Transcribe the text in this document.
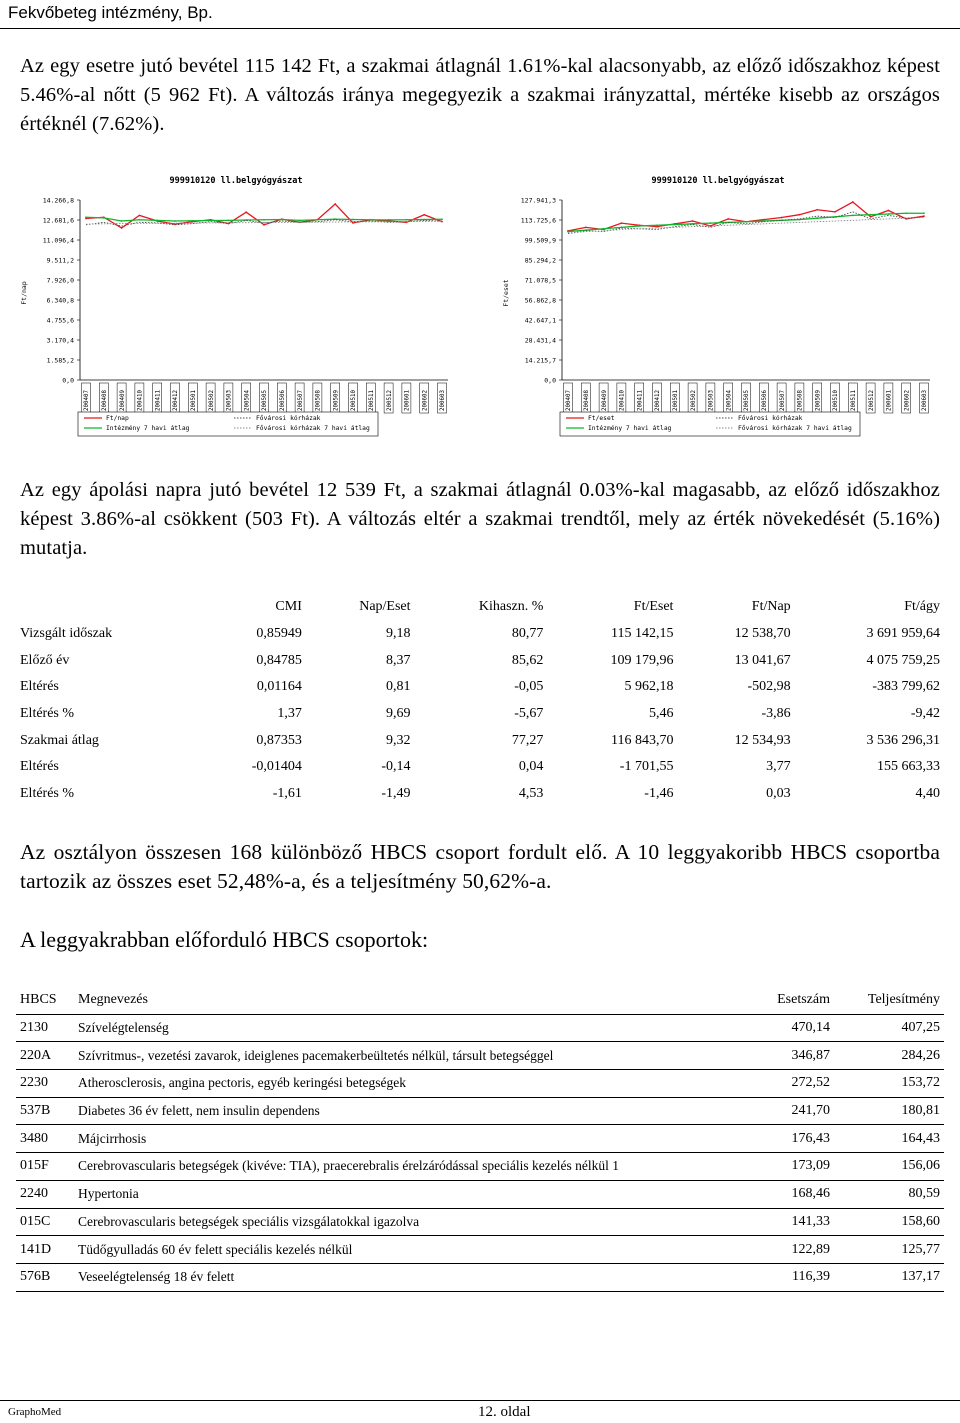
Fekvőbeteg intézmény, Bp.
Az egy esetre jutó bevétel 115 142 Ft, a szakmai átlagnál 1.61%-kal alacsonyabb, az előző időszakhoz képest 5.46%-al nőtt (5 962 Ft). A változás iránya megegyezik a szakmai irányzattal, mértéke kisebb az országos értéknél (7.62%).
999910120 ll.belgyógyászat
Ft/nap
14.266,8
12.681,6
11.096,4
9.511,2
7.926,0
6.340,8
4.755,6
3.170,4
1.585,2
0,0
200407 200408 200409 200410 200411 200412 200501 200502 200503 200504 200505 200506 200507 200508 200509 200510 200511 200512 200601 200602 200603
Ft/nap
Intézmény 7 havi átlag
Fővárosi kórházak
Fővárosi kórházak 7 havi átlag
999910120 ll.belgyógyászat
Ft/eset
127.941,3
113.725,6
99.509,9
85.294,2
71.078,5
56.862,8
42.647,1
28.431,4
14.215,7
0,0
200407 200408 200409 200410 200411 200412 200501 200502 200503 200504 200505 200506 200507 200508 200509 200510 200511 200512 200601 200602 200603
Ft/eset
Intézmény 7 havi átlag
Fővárosi kórházak
Fővárosi kórházak 7 havi átlag
Az egy ápolási napra jutó bevétel 12 539 Ft, a szakmai átlagnál 0.03%-kal magasabb, az előző időszakhoz képest 3.86%-al csökkent (503 Ft). A változás eltér a szakmai trendtől, mely az érték növekedését (5.16%) mutatja.
	CMI	Nap/Eset	Kihaszn. %	Ft/Eset	Ft/Nap	Ft/ágy
Vizsgált időszak	0,85949	9,18	80,77	115 142,15	12 538,70	3 691 959,64
Előző év	0,84785	8,37	85,62	109 179,96	13 041,67	4 075 759,25
Eltérés	0,01164	0,81	-0,05	5 962,18	-502,98	-383 799,62
Eltérés %	1,37	9,69	-5,67	5,46	-3,86	-9,42
Szakmai átlag	0,87353	9,32	77,27	116 843,70	12 534,93	3 536 296,31
Eltérés	-0,01404	-0,14	0,04	-1 701,55	3,77	155 663,33
Eltérés %	-1,61	-1,49	4,53	-1,46	0,03	4,40
Az osztályon összesen 168 különböző HBCS csoport fordult elő. A 10 leggyakoribb HBCS csoportba tartozik az összes eset 52,48%-a, és a teljesítmény 50,62%-a.
A leggyakrabban előforduló HBCS csoportok:
HBCS	Megnevezés	Esetszám	Teljesítmény
2130	Szívelégtelenség	470,14	407,25
220A	Szívritmus-, vezetési zavarok, ideiglenes pacemakerbeültetés nélkül, társult betegséggel	346,87	284,26
2230	Atherosclerosis, angina pectoris, egyéb keringési betegségek	272,52	153,72
537B	Diabetes 36 év felett, nem insulin dependens	241,70	180,81
3480	Májcirrhosis	176,43	164,43
015F	Cerebrovascularis betegségek (kivéve: TIA), praecerebralis érelzáródással speciális kezelés nélkül 1	173,09	156,06
2240	Hypertonia	168,46	80,59
015C	Cerebrovascularis betegségek speciális vizsgálatokkal igazolva	141,33	158,60
141D	Tüdőgyulladás 60 év felett speciális kezelés nélkül	122,89	125,77
576B	Veseelégtelenség 18 év felett	116,39	137,17
GraphoMed	12. oldal
